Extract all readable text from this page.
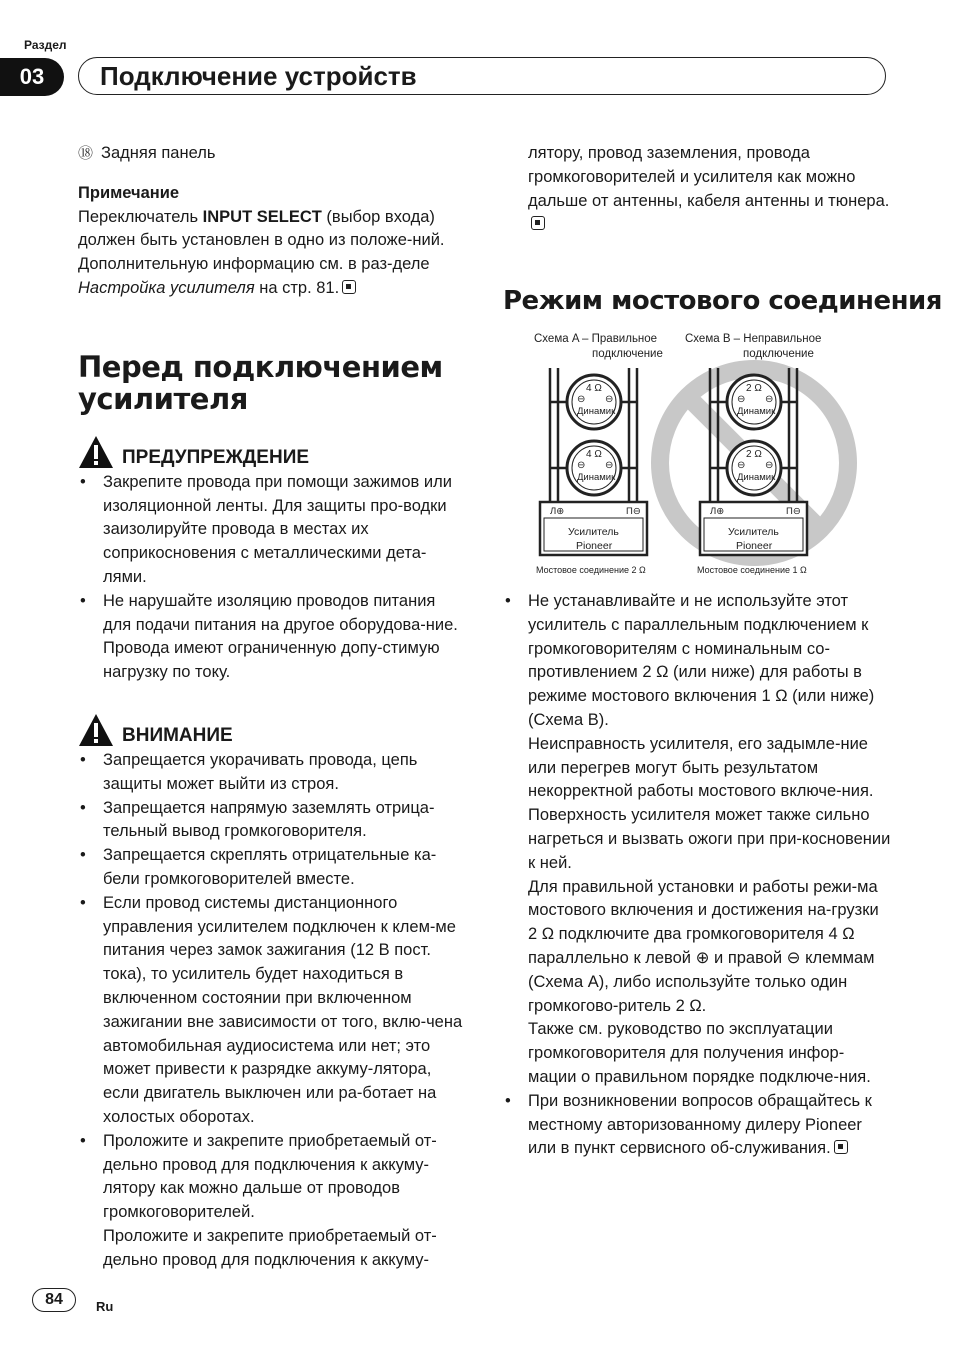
Раздел
03	Подключение устройств

⑱ Задняя панель

Примечание

Переключатель INPUT SELECT (выбор входа) должен быть установлен в одно из положе-ний. Дополнительную информацию см. в раз-деле Настройка усилителя на стр. 81.

Перед подключением усилителя
ПРЕДУПРЕЖДЕНИЕ
• Закрепите провода при помощи зажимов или изоляционной ленты. Для защиты про-водки заизолируйте провода в местах их соприкосновения с металлическими дета-лями.
• Не нарушайте изоляцию проводов питания для подачи питания на другое оборудова-ние. Провода имеют ограниченную допу-стимую нагрузку по току.
ВНИМАНИЕ
• Запрещается укорачивать провода, цепь защиты может выйти из строя.
• Запрещается напрямую заземлять отрица-тельный вывод громкоговорителя.
• Запрещается скреплять отрицательные ка-бели громкоговорителей вместе.
• Если провод системы дистанционного управления усилителем подключен к клем-ме питания через замок зажигания (12 В пост. тока), то усилитель будет находиться в включенном состоянии при включенном зажигании вне зависимости от того, вклю-чена автомобильная аудиосистема или нет; это может привести к разрядке аккуму-лятора, если двигатель выключен или ра-ботает на холостых оборотах.
• Проложите и закрепите приобретаемый от-дельно провод для подключения к аккуму-лятору как можно дальше от проводов громкоговорителей.

Проложите и закрепите приобретаемый от-дельно провод для подключения к аккуму-

лятору, провод заземления, провода громкоговорителей и усилителя как можно дальше от антенны, кабеля антенны и тюнера.

Режим мостового соединения
Схема A – Правильное
подключение
Схема B – Неправильное
подключение
4 Ω
⊖ ⊖
Динамик
4 Ω
⊖ ⊖
Динамик
Л⊕	П⊖
Усилитель
Pioneer
Мостовое соединение 2 Ω
2 Ω
⊖ ⊖
Динамик
2 Ω
⊖ ⊖
Динамик
Л⊕	П⊖
Усилитель
Pioneer
Мостовое соединение 1 Ω

• Не устанавливайте и не используйте этот усилитель с параллельным подключением к громкоговорителям с номинальным со-противлением 2 Ω (или ниже) для работы в режиме мостового включения 1 Ω (или ниже) (Схема B).

Неисправность усилителя, его задымле-ние или перегрев могут быть результатом некорректной работы мостового включе-ния. Поверхность усилителя может также сильно нагреться и вызвать ожоги при при-косновении к ней.

Для правильной установки и работы режи-ма мостового включения и достижения на-грузки 2 Ω подключите два громкоговорителя 4 Ω параллельно к левой ⊕ и правой ⊖ клеммам (Схема A), либо используйте только один громкогово-ритель 2 Ω.

Также см. руководство по эксплуатации громкоговорителя для получения инфор-мации о правильном порядке подключе-ния.

• При возникновении вопросов обращайтесь к местному авторизованному дилеру Pioneer или в пункт сервисного об-служивания.
84	Ru
